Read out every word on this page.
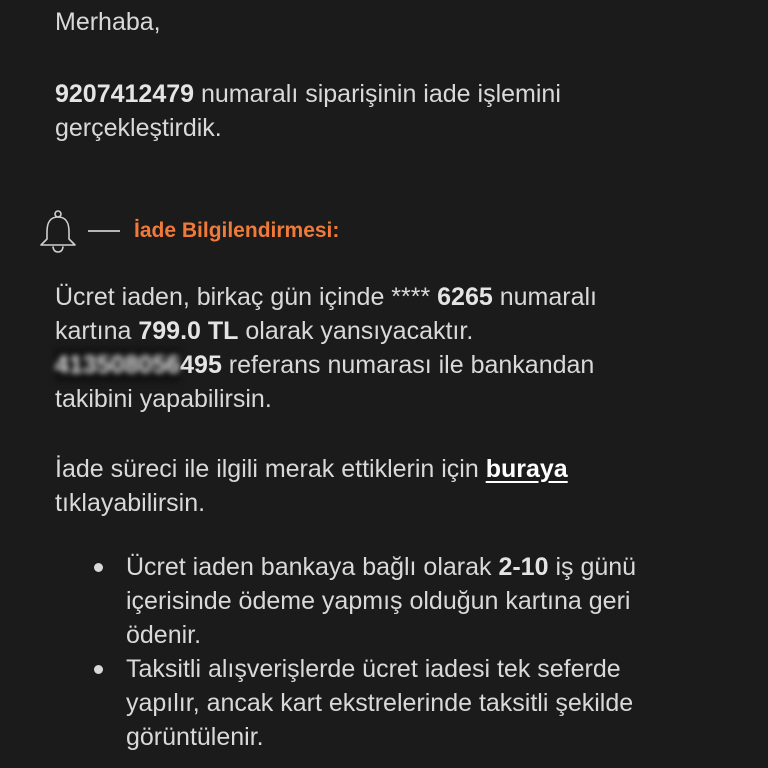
Merhaba,
9207412479 numaralı siparişinin iade işlemini
gerçekleştirdik.
İade Bilgilendirmesi:
Ücret iaden, birkaç gün içinde **** 6265 numaralı
kartına 799.0 TL olarak yansıyacaktır.
413508056495 referans numarası ile bankandan
takibini yapabilirsin.
İade süreci ile ilgili merak ettiklerin için buraya
tıklayabilirsin.
Ücret iaden bankaya bağlı olarak 2-10 iş günü
içerisinde ödeme yapmış olduğun kartına geri
ödenir.
Taksitli alışverişlerde ücret iadesi tek seferde
yapılır, ancak kart ekstrelerinde taksitli şekilde
görüntülenir.
